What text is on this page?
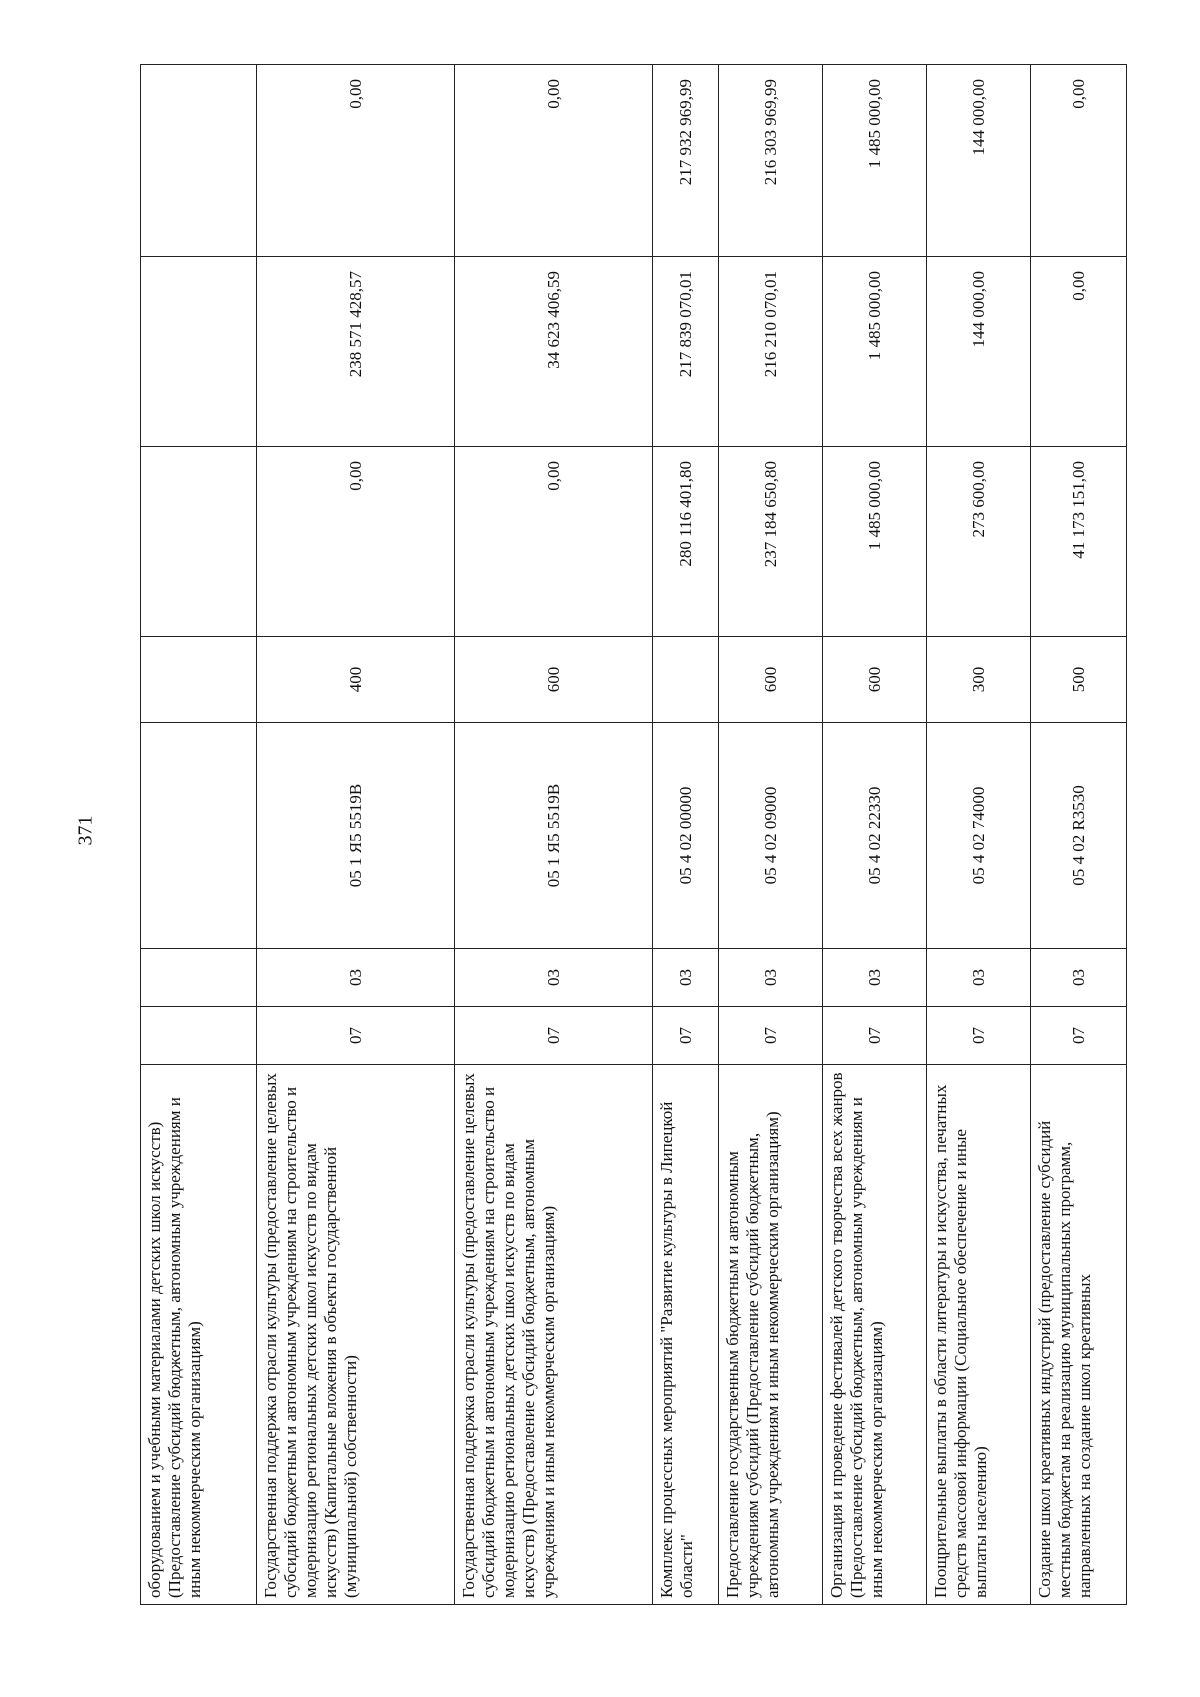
371
оборудованием и учебными материалами детских школ искусств) (Предоставление субсидий бюджетным, автономным учреждениям и иным некоммерческим организациям)							
Государственная поддержка отрасли культуры (предоставление целевых субсидий бюджетным и автономным учреждениям на строительство и модернизацию региональных детских школ искусств по видам искусств) (Капитальные вложения в объекты государственной (муниципальной) собственности)	07	03	05 1 Я5 5519В	400	0,00	238 571 428,57	0,00
Государственная поддержка отрасли культуры (предоставление целевых субсидий бюджетным и автономным учреждениям на строительство и модернизацию региональных детских школ искусств по видам искусств) (Предоставление субсидий бюджетным, автономным учреждениям и иным некоммерческим организациям)	07	03	05 1 Я5 5519В	600	0,00	34 623 406,59	0,00
Комплекс процессных мероприятий "Развитие культуры в Липецкой области"	07	03	05 4 02 00000		280 116 401,80	217 839 070,01	217 932 969,99
Предоставление государственным бюджетным и автономным учреждениям субсидий (Предоставление субсидий бюджетным, автономным учреждениям и иным некоммерческим организациям)	07	03	05 4 02 09000	600	237 184 650,80	216 210 070,01	216 303 969,99
Организация и проведение фестивалей детского творчества всех жанров (Предоставление субсидий бюджетным, автономным учреждениям и иным некоммерческим организациям)	07	03	05 4 02 22330	600	1 485 000,00	1 485 000,00	1 485 000,00
Поощрительные выплаты в области литературы и искусства, печатных средств массовой информации (Социальное обеспечение и иные выплаты населению)	07	03	05 4 02 74000	300	273 600,00	144 000,00	144 000,00
Создание школ креативных индустрий (предоставление субсидий местным бюджетам на реализацию муниципальных программ, направленных на создание школ креативных	07	03	05 4 02 R3530	500	41 173 151,00	0,00	0,00
